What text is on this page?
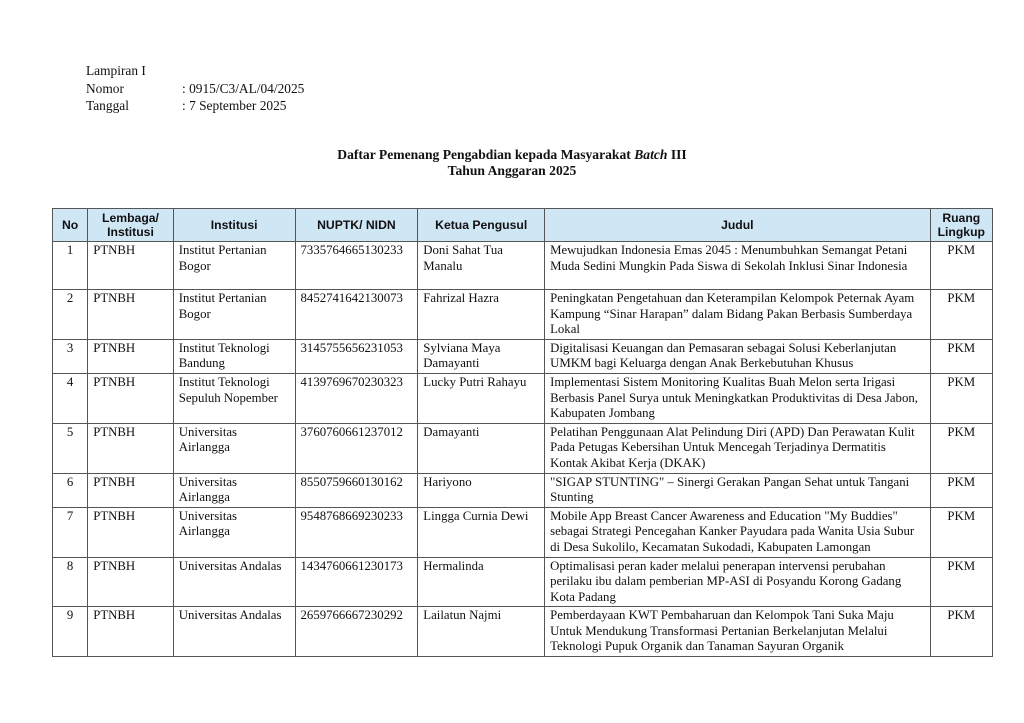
Lampiran I
Nomor	: 0915/C3/AL/04/2025
Tanggal	: 7 September 2025
Daftar Pemenang Pengabdian kepada Masyarakat Batch III
Tahun Anggaran 2025
No	Lembaga/ Institusi	Institusi	NUPTK/ NIDN	Ketua Pengusul	Judul	Ruang Lingkup
1	PTNBH	Institut Pertanian Bogor	7335764665130233	Doni Sahat Tua Manalu	Mewujudkan Indonesia Emas 2045 : Menumbuhkan Semangat Petani Muda Sedini Mungkin Pada Siswa di Sekolah Inklusi Sinar Indonesia	PKM
2	PTNBH	Institut Pertanian Bogor	8452741642130073	Fahrizal Hazra	Peningkatan Pengetahuan dan Keterampilan Kelompok Peternak Ayam Kampung “Sinar Harapan” dalam Bidang Pakan Berbasis Sumberdaya Lokal	PKM
3	PTNBH	Institut Teknologi Bandung	3145755656231053	Sylviana Maya Damayanti	Digitalisasi Keuangan dan Pemasaran sebagai Solusi Keberlanjutan UMKM bagi Keluarga dengan Anak Berkebutuhan Khusus	PKM
4	PTNBH	Institut Teknologi Sepuluh Nopember	4139769670230323	Lucky Putri Rahayu	Implementasi Sistem Monitoring Kualitas Buah Melon serta Irigasi Berbasis Panel Surya untuk Meningkatkan Produktivitas di Desa Jabon, Kabupaten Jombang	PKM
5	PTNBH	Universitas Airlangga	3760760661237012	Damayanti	Pelatihan Penggunaan Alat Pelindung Diri (APD) Dan Perawatan Kulit Pada Petugas Kebersihan Untuk Mencegah Terjadinya Dermatitis Kontak Akibat Kerja (DKAK)	PKM
6	PTNBH	Universitas Airlangga	8550759660130162	Hariyono	"SIGAP STUNTING" – Sinergi Gerakan Pangan Sehat untuk Tangani Stunting	PKM
7	PTNBH	Universitas Airlangga	9548768669230233	Lingga Curnia Dewi	Mobile App Breast Cancer Awareness and Education "My Buddies" sebagai Strategi Pencegahan Kanker Payudara pada Wanita Usia Subur di Desa Sukolilo, Kecamatan Sukodadi, Kabupaten Lamongan	PKM
8	PTNBH	Universitas Andalas	1434760661230173	Hermalinda	Optimalisasi peran kader melalui penerapan intervensi perubahan perilaku ibu dalam pemberian MP-ASI di Posyandu Korong Gadang Kota Padang	PKM
9	PTNBH	Universitas Andalas	2659766667230292	Lailatun Najmi	Pemberdayaan KWT Pembaharuan dan Kelompok Tani Suka Maju Untuk Mendukung Transformasi Pertanian Berkelanjutan Melalui Teknologi Pupuk Organik dan Tanaman Sayuran Organik	PKM
